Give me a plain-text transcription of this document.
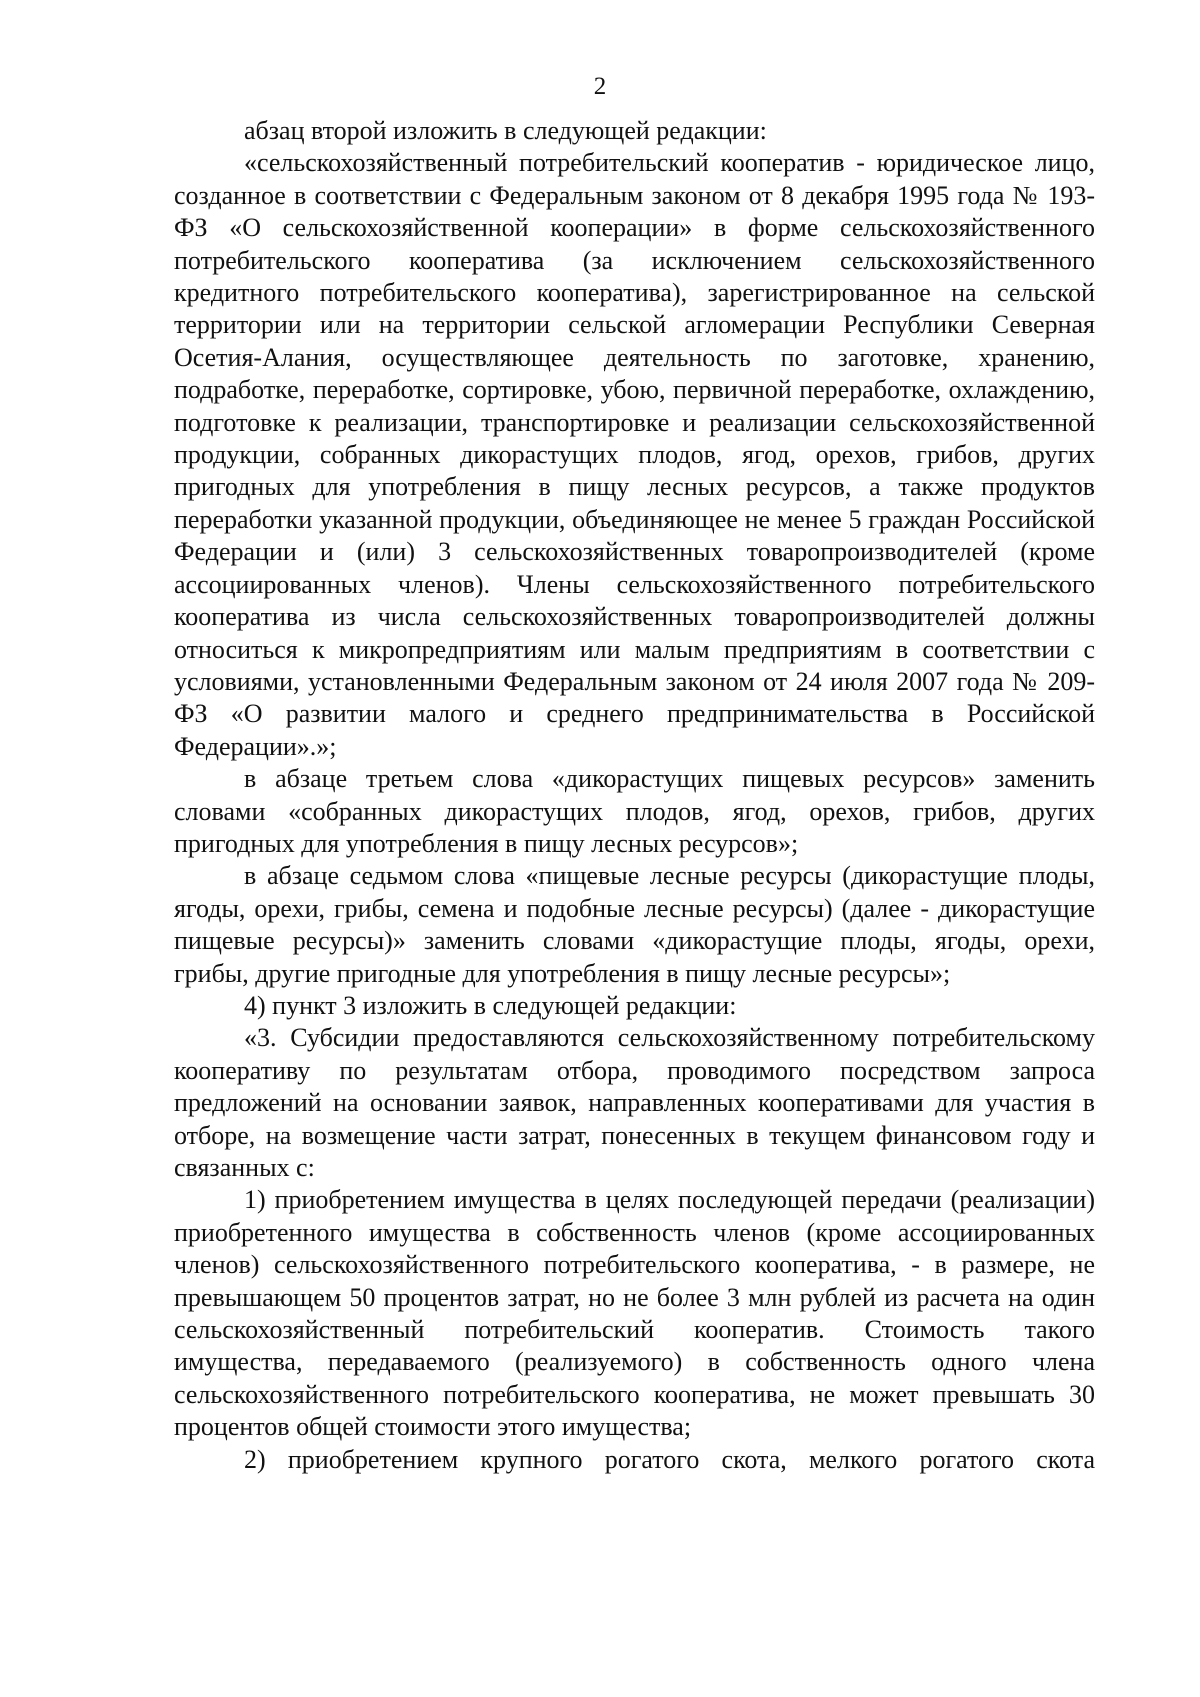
2

абзац второй изложить в следующей редакции:

«сельскохозяйственный потребительский кооператив - юридическое лицо, созданное в соответствии с Федеральным законом от 8 декабря 1995 года № 193-ФЗ «О сельскохозяйственной кооперации» в форме сельскохозяйственного потребительского кооператива (за исключением сельскохозяйственного кредитного потребительского кооператива), зарегистрированное на сельской территории или на территории сельской агломерации Республики Северная Осетия-Алания, осуществляющее деятельность по заготовке, хранению, подработке, переработке, сортировке, убою, первичной переработке, охлаждению, подготовке к реализации, транспортировке и реализации сельскохозяйственной продукции, собранных дикорастущих плодов, ягод, орехов, грибов, других пригодных для употребления в пищу лесных ресурсов, а также продуктов переработки указанной продукции, объединяющее не менее 5 граждан Российской Федерации и (или) 3 сельскохозяйственных товаропроизводителей (кроме ассоциированных членов). Члены сельскохозяйственного потребительского кооператива из числа сельскохозяйственных товаропроизводителей должны относиться к микропредприятиям или малым предприятиям в соответствии с условиями, установленными Федеральным законом от 24 июля 2007 года № 209-ФЗ «О развитии малого и среднего предпринимательства в Российской Федерации».»;

в абзаце третьем слова «дикорастущих пищевых ресурсов» заменить словами «собранных дикорастущих плодов, ягод, орехов, грибов, других пригодных для употребления в пищу лесных ресурсов»;

в абзаце седьмом слова «пищевые лесные ресурсы (дикорастущие плоды, ягоды, орехи, грибы, семена и подобные лесные ресурсы) (далее - дикорастущие пищевые ресурсы)» заменить словами «дикорастущие плоды, ягоды, орехи, грибы, другие пригодные для употребления в пищу лесные ресурсы»;

4) пункт 3 изложить в следующей редакции:

«3. Субсидии предоставляются сельскохозяйственному потребительскому кооперативу по результатам отбора, проводимого посредством запроса предложений на основании заявок, направленных кооперативами для участия в отборе, на возмещение части затрат, понесенных в текущем финансовом году и связанных с:

1) приобретением имущества в целях последующей передачи (реализации) приобретенного имущества в собственность членов (кроме ассоциированных членов) сельскохозяйственного потребительского кооператива, - в размере, не превышающем 50 процентов затрат, но не более 3 млн рублей из расчета на один сельскохозяйственный потребительский кооператив. Стоимость такого имущества, передаваемого (реализуемого) в собственность одного члена сельскохозяйственного потребительского кооператива, не может превышать 30 процентов общей стоимости этого имущества;

2) приобретением крупного рогатого скота, мелкого рогатого скота
